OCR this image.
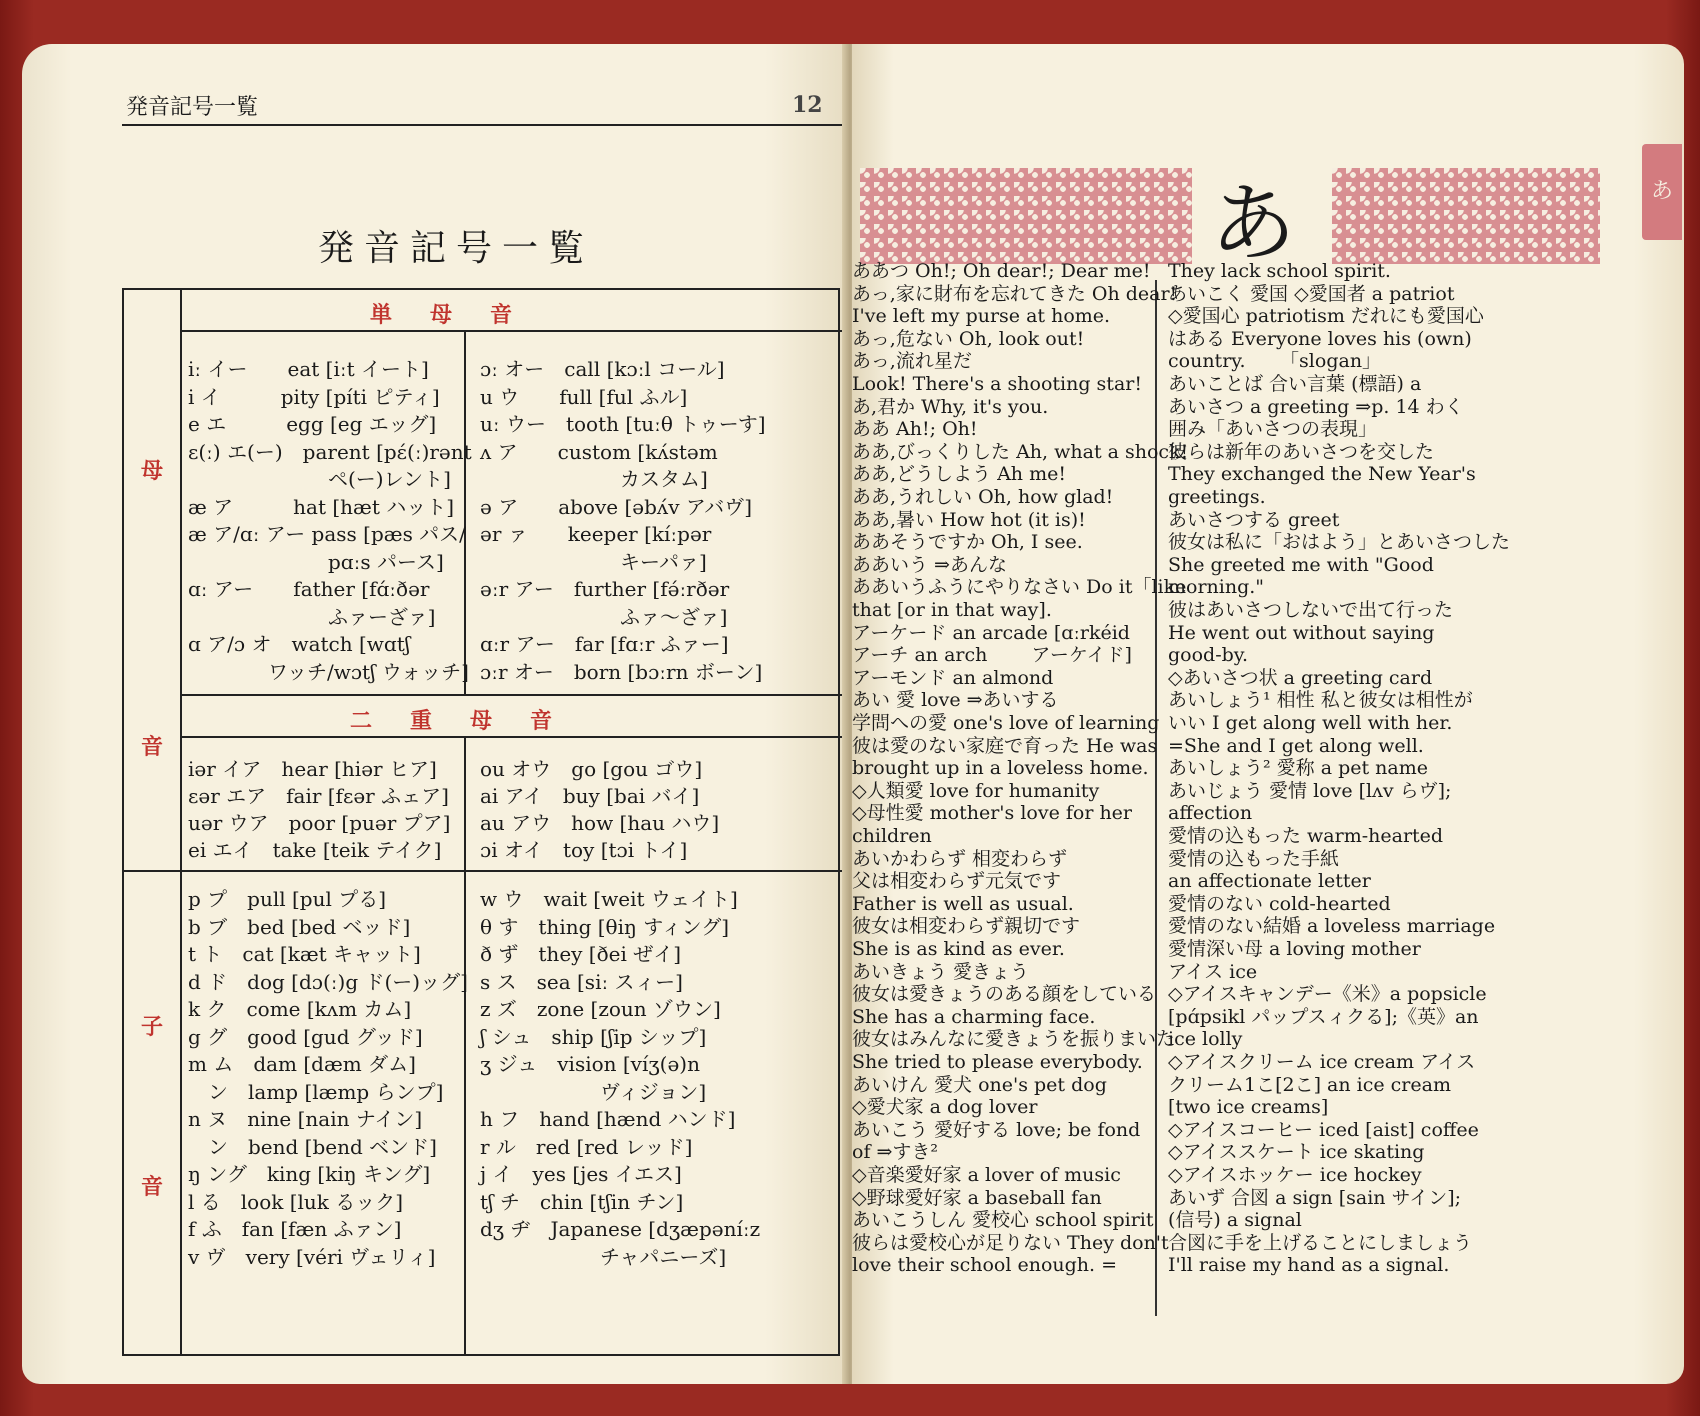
発音記号一覧	12
発音記号一覧
母
音
子
音
単　母　音
二　重　母　音
iː イー　　eat [iːt イート]
i イ　　　pity [píti ピティ]
e エ　　　egg [eg エッグ]
ɛ(ː) エ(ー)　parent [pɛ́(ː)rənt
　　　　　　　ペ(ー)レント]
æ ア　　　hat [hæt ハット]
æ ア/ɑː アー pass [pæs パス/
　　　　　　　pɑːs パース]
ɑː アー　　father [fɑ́ːðər
　　　　　　　ふァーざァ]
ɑ ア/ɔ オ　watch [wɑtʃ
　　　　ワッチ/wɔtʃ ウォッチ]
ɔː オー　call [kɔːl コール]
u ウ　　full [ful ふル]
uː ウー　tooth [tuːθ トゥーす]
ʌ ア　　custom [kʌ́stəm
　　　　　　　カスタム]
ə ア　　above [əbʌ́v アバヴ]
ər ァ　　keeper [kíːpər
　　　　　　　キーパァ]
əːr アー　further [fə́ːrðər
　　　　　　　ふァ〜ざァ]
ɑːr アー　far [fɑːr ふァー]
ɔːr オー　born [bɔːrn ボーン]
iər イア　hear [hiər ヒア]
ɛər エア　fair [fɛər ふェア]
uər ウア　poor [puər プア]
ei エイ　take [teik テイク]
ou オウ　go [gou ゴウ]
ai アイ　buy [bai バイ]
au アウ　how [hau ハウ]
ɔi オイ　toy [tɔi トイ]
p プ　pull [pul プる]
b ブ　bed [bed ベッド]
t ト　cat [kæt キャット]
d ド　dog [dɔ(ː)g ド(ー)ッグ]
k ク　come [kʌm カム]
g グ　good [gud グッド]
m ム　dam [dæm ダム]
　ン　lamp [læmp らンプ]
n ヌ　nine [nain ナイン]
　ン　bend [bend ベンド]
ŋ ング　king [kiŋ キング]
l る　look [luk るック]
f ふ　fan [fæn ふァン]
v ヴ　very [véri ヴェリィ]
w ウ　wait [weit ウェイト]
θ す　thing [θiŋ すィング]
ð ず　they [ðei ぜイ]
s ス　sea [siː スィー]
z ズ　zone [zoun ゾウン]
ʃ シュ　ship [ʃip シップ]
ʒ ジュ　vision [víʒ(ə)n
　　　　　　ヴィジョン]
h フ　hand [hænd ハンド]
r ル　red [red レッド]
j イ　yes [jes イエス]
tʃ チ　chin [tʃin チン]
dʒ ヂ　Japanese [dʒæpəníːz
　　　　　　チャパニーズ]
あ	あ
ああつ Oh!; Oh dear!; Dear me!
あっ,家に財布を忘れてきた Oh dear!
I've left my purse at home.
あっ,危ない Oh, look out!
あっ,流れ星だ
Look! There's a shooting star!
あ,君か Why, it's you.
ああ Ah!; Oh!
ああ,びっくりした Ah, what a shock!
ああ,どうしよう Ah me!
ああ,うれしい Oh, how glad!
ああ,暑い How hot (it is)!
ああそうですか Oh, I see.
ああいう ⇒あんな
ああいうふうにやりなさい Do it「like
that [or in that way].
アーケード an arcade [ɑːrkéid
アーチ an arch 　　アーケイド]
アーモンド an almond
あい 愛 love ⇒あいする
学問への愛 one's love of learning
彼は愛のない家庭で育った He was
brought up in a loveless home.
◇人類愛 love for humanity
◇母性愛 mother's love for her
children
あいかわらず 相変わらず
父は相変わらず元気です
Father is well as usual.
彼女は相変わらず親切です
She is as kind as ever.
あいきょう 愛きょう
彼女は愛きょうのある顔をしている
She has a charming face.
彼女はみんなに愛きょうを振りまいた
She tried to please everybody.
あいけん 愛犬 one's pet dog
◇愛犬家 a dog lover
あいこう 愛好する love; be fond
of ⇒すき²
◇音楽愛好家 a lover of music
◇野球愛好家 a baseball fan
あいこうしん 愛校心 school spirit
彼らは愛校心が足りない They don't
love their school enough. =
They lack school spirit.
あいこく 愛国 ◇愛国者 a patriot
◇愛国心 patriotism だれにも愛国心
はある Everyone loves his (own)
country. 　　「slogan」
あいことば 合い言葉 (標語) a
あいさつ a greeting ⇒p. 14 わく
囲み「あいさつの表現」
彼らは新年のあいさつを交した
They exchanged the New Year's
greetings.
あいさつする greet
彼女は私に「おはよう」とあいさつした
She greeted me with "Good
morning."
彼はあいさつしないで出て行った
He went out without saying
good-by.
◇あいさつ状 a greeting card
あいしょう¹ 相性 私と彼女は相性が
いい I get along well with her.
=She and I get along well.
あいしょう² 愛称 a pet name
あいじょう 愛情 love [lʌv らヴ];
affection
愛情の込もった warm-hearted
愛情の込もった手紙
an affectionate letter
愛情のない cold-hearted
愛情のない結婚 a loveless marriage
愛情深い母 a loving mother
アイス ice
◇アイスキャンデー《米》a popsicle
[pɑ́psikl パップスィクる];《英》an
ice lolly
◇アイスクリーム ice cream アイス
クリーム1こ[2こ] an ice cream
[two ice creams]
◇アイスコーヒー iced [aist] coffee
◇アイススケート ice skating
◇アイスホッケー ice hockey
あいず 合図 a sign [sain サイン];
(信号) a signal
合図に手を上げることにしましょう
I'll raise my hand as a signal.
